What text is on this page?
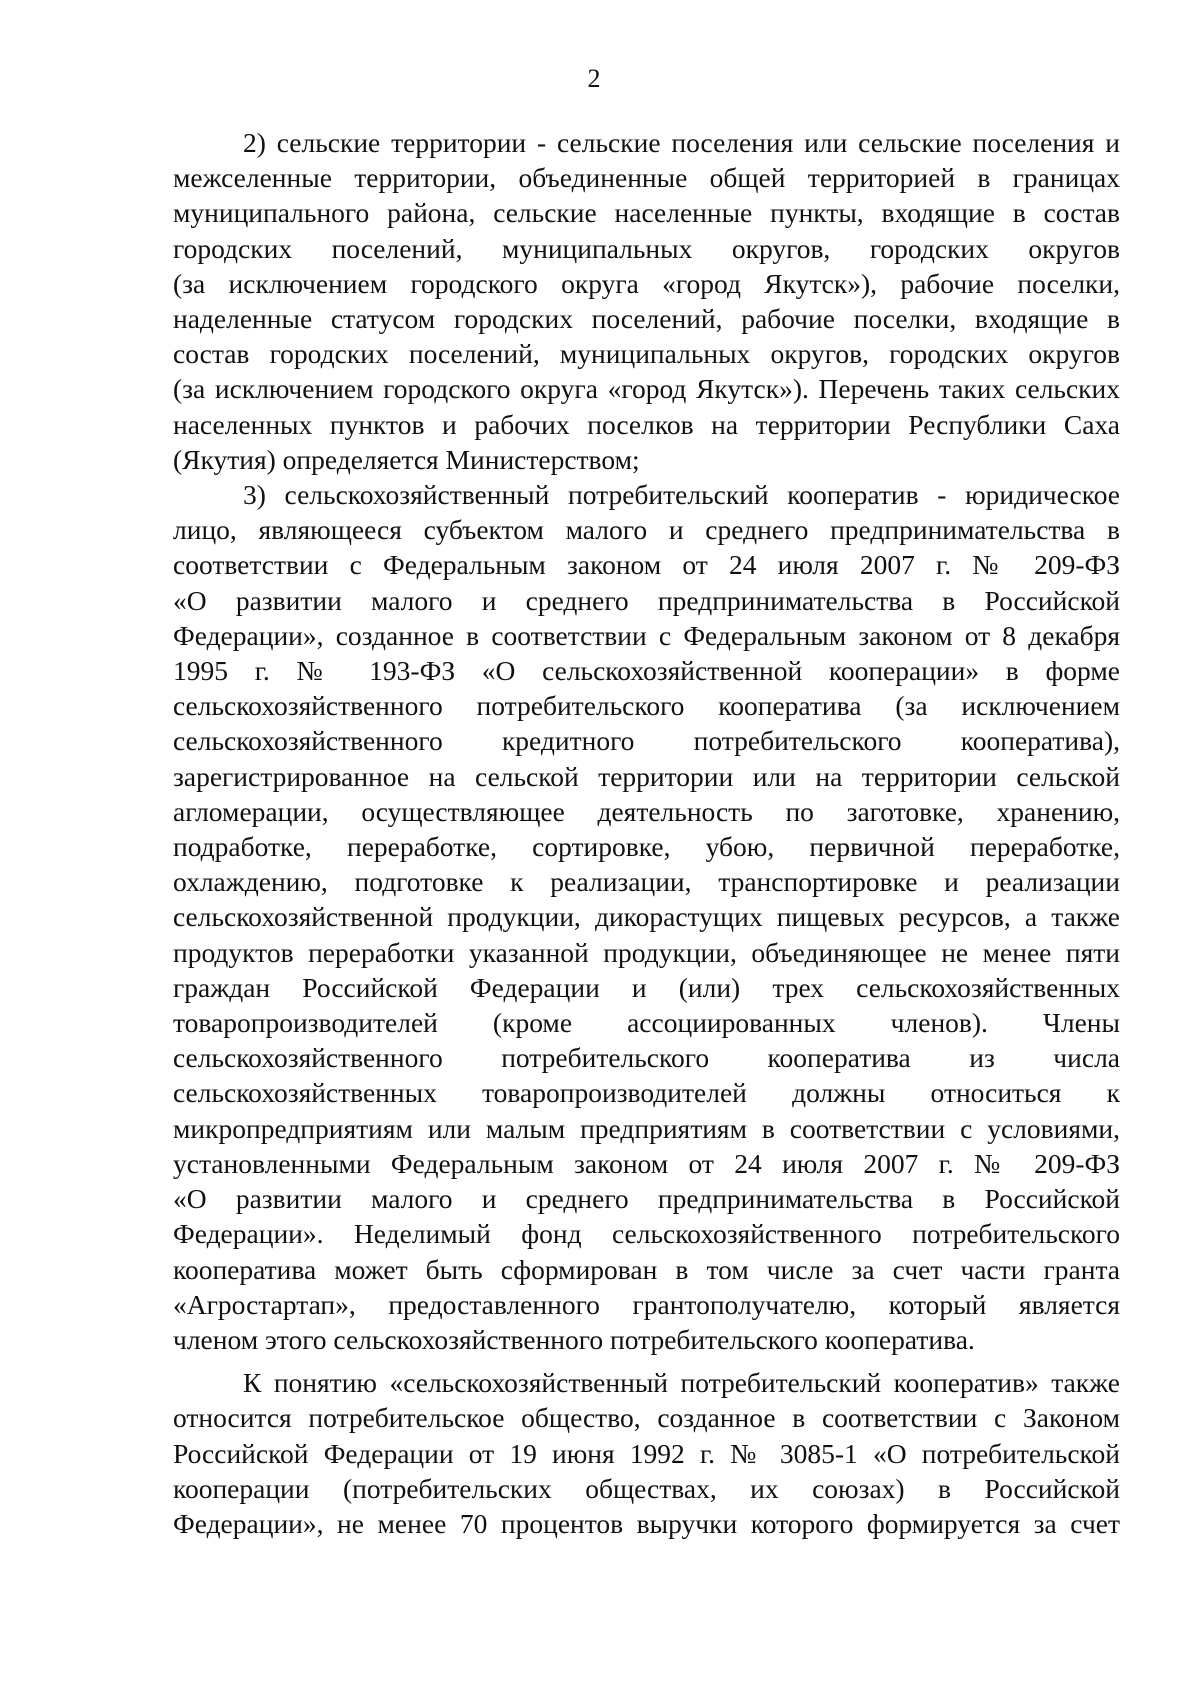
2

2) сельские территории - сельские поселения или сельские поселения и
межселенные территории, объединенные общей территорией в границах
муниципального района, сельские населенные пункты, входящие в состав
городских поселений, муниципальных округов, городских округов
(за исключением городского округа «город Якутск»), рабочие поселки,
наделенные статусом городских поселений, рабочие поселки, входящие в
состав городских поселений, муниципальных округов, городских округов
(за исключением городского округа «город Якутск»). Перечень таких сельских
населенных пунктов и рабочих поселков на территории Республики Саха
(Якутия) определяется Министерством;

3) сельскохозяйственный потребительский кооператив - юридическое
лицо, являющееся субъектом малого и среднего предпринимательства в
соответствии с Федеральным законом от 24 июля 2007 г. № 209-ФЗ
«О развитии малого и среднего предпринимательства в Российской
Федерации», созданное в соответствии с Федеральным законом от 8 декабря
1995 г. № 193-ФЗ «О сельскохозяйственной кооперации» в форме
сельскохозяйственного потребительского кооператива (за исключением
сельскохозяйственного кредитного потребительского кооператива),
зарегистрированное на сельской территории или на территории сельской
агломерации, осуществляющее деятельность по заготовке, хранению,
подработке, переработке, сортировке, убою, первичной переработке,
охлаждению, подготовке к реализации, транспортировке и реализации
сельскохозяйственной продукции, дикорастущих пищевых ресурсов, а также
продуктов переработки указанной продукции, объединяющее не менее пяти
граждан Российской Федерации и (или) трех сельскохозяйственных
товаропроизводителей (кроме ассоциированных членов). Члены
сельскохозяйственного потребительского кооператива из числа
сельскохозяйственных товаропроизводителей должны относиться к
микропредприятиям или малым предприятиям в соответствии с условиями,
установленными Федеральным законом от 24 июля 2007 г. № 209-ФЗ
«О развитии малого и среднего предпринимательства в Российской
Федерации». Неделимый фонд сельскохозяйственного потребительского
кооператива может быть сформирован в том числе за счет части гранта
«Агростартап», предоставленного грантополучателю, который является
членом этого сельскохозяйственного потребительского кооператива.

К понятию «сельскохозяйственный потребительский кооператив» также
относится потребительское общество, созданное в соответствии с Законом
Российской Федерации от 19 июня 1992 г. № 3085-1 «О потребительской
кооперации (потребительских обществах, их союзах) в Российской
Федерации», не менее 70 процентов выручки которого формируется за счет
